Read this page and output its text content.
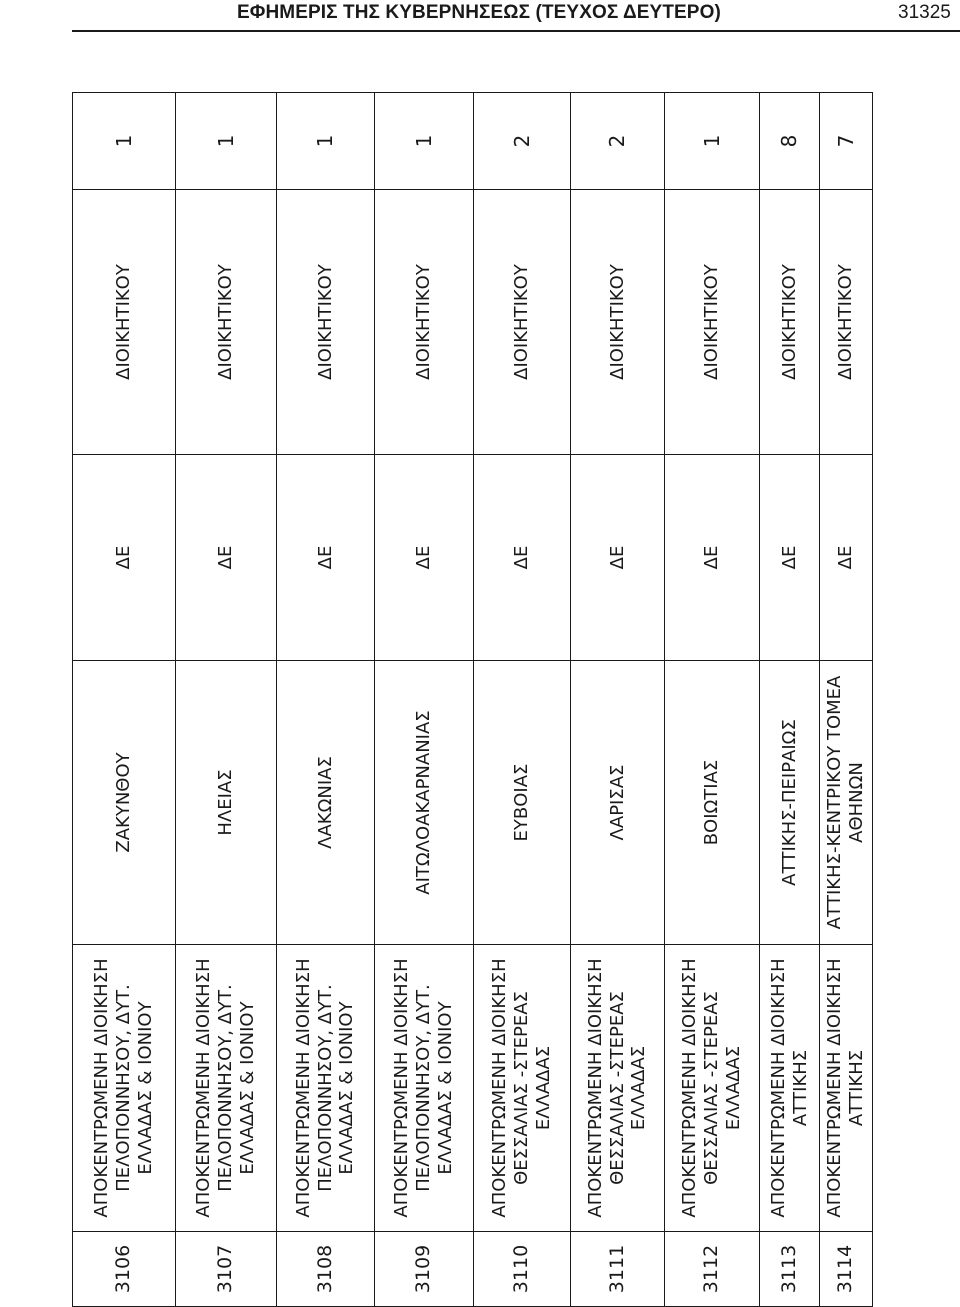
ΕΦΗΜΕΡΙΣ ΤΗΣ ΚΥΒΕΡΝΗΣΕΩΣ (ΤΕΥΧΟΣ ΔΕΥΤΕΡΟ)	31325
3106	ΑΠΟΚΕΝΤΡΩΜΕΝΗ ΔΙΟΙΚΗΣΗ ΠΕΛΟΠΟΝΝΗΣΟΥ, ΔΥΤ. ΕΛΛΑΔΑΣ & ΙΟΝΙΟΥ	ΖΑΚΥΝΘΟΥ	ΔΕ	ΔΙΟΙΚΗΤΙΚΟΥ	1
3107	ΑΠΟΚΕΝΤΡΩΜΕΝΗ ΔΙΟΙΚΗΣΗ ΠΕΛΟΠΟΝΝΗΣΟΥ, ΔΥΤ. ΕΛΛΑΔΑΣ & ΙΟΝΙΟΥ	ΗΛΕΙΑΣ	ΔΕ	ΔΙΟΙΚΗΤΙΚΟΥ	1
3108	ΑΠΟΚΕΝΤΡΩΜΕΝΗ ΔΙΟΙΚΗΣΗ ΠΕΛΟΠΟΝΝΗΣΟΥ, ΔΥΤ. ΕΛΛΑΔΑΣ & ΙΟΝΙΟΥ	ΛΑΚΩΝΙΑΣ	ΔΕ	ΔΙΟΙΚΗΤΙΚΟΥ	1
3109	ΑΠΟΚΕΝΤΡΩΜΕΝΗ ΔΙΟΙΚΗΣΗ ΠΕΛΟΠΟΝΝΗΣΟΥ, ΔΥΤ. ΕΛΛΑΔΑΣ & ΙΟΝΙΟΥ	ΑΙΤΩΛΟΑΚΑΡΝΑΝΙΑΣ	ΔΕ	ΔΙΟΙΚΗΤΙΚΟΥ	1
3110	ΑΠΟΚΕΝΤΡΩΜΕΝΗ ΔΙΟΙΚΗΣΗ ΘΕΣΣΑΛΙΑΣ -ΣΤΕΡΕΑΣ ΕΛΛΑΔΑΣ	ΕΥΒΟΙΑΣ	ΔΕ	ΔΙΟΙΚΗΤΙΚΟΥ	2
3111	ΑΠΟΚΕΝΤΡΩΜΕΝΗ ΔΙΟΙΚΗΣΗ ΘΕΣΣΑΛΙΑΣ -ΣΤΕΡΕΑΣ ΕΛΛΑΔΑΣ	ΛΑΡΙΣΑΣ	ΔΕ	ΔΙΟΙΚΗΤΙΚΟΥ	2
3112	ΑΠΟΚΕΝΤΡΩΜΕΝΗ ΔΙΟΙΚΗΣΗ ΘΕΣΣΑΛΙΑΣ -ΣΤΕΡΕΑΣ ΕΛΛΑΔΑΣ	ΒΟΙΩΤΙΑΣ	ΔΕ	ΔΙΟΙΚΗΤΙΚΟΥ	1
3113	ΑΠΟΚΕΝΤΡΩΜΕΝΗ ΔΙΟΙΚΗΣΗ ΑΤΤΙΚΗΣ	ΑΤΤΙΚΗΣ-ΠΕΙΡΑΙΩΣ	ΔΕ	ΔΙΟΙΚΗΤΙΚΟΥ	8
3114	ΑΠΟΚΕΝΤΡΩΜΕΝΗ ΔΙΟΙΚΗΣΗ ΑΤΤΙΚΗΣ	ΑΤΤΙΚΗΣ-ΚΕΝΤΡΙΚΟΥ ΤΟΜΕΑ ΑΘΗΝΩΝ	ΔΕ	ΔΙΟΙΚΗΤΙΚΟΥ	7
